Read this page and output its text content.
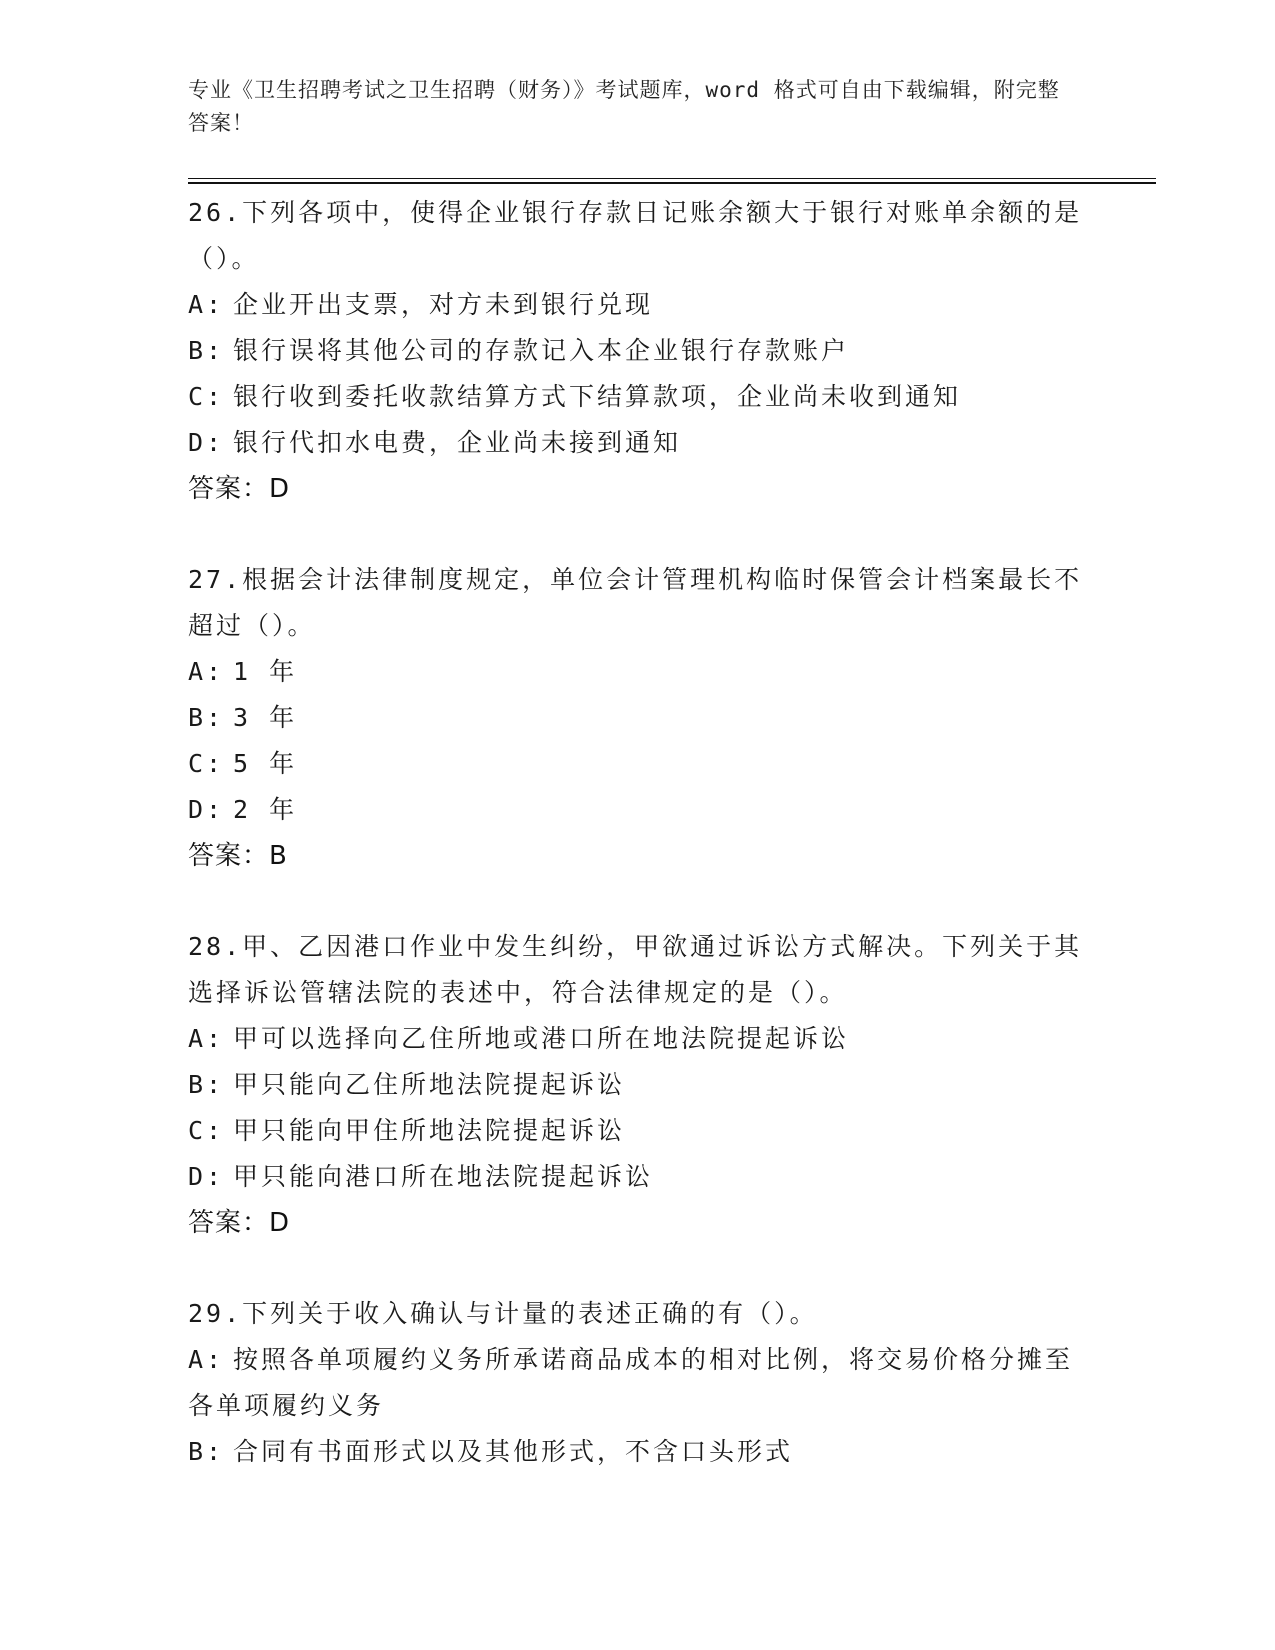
专业《卫生招聘考试之卫生招聘（财务）》考试题库，word 格式可自由下载编辑，附完整答案！
26.下列各项中，使得企业银行存款日记账余额大于银行对账单余额的是（）。
A: 企业开出支票，对方未到银行兑现
B: 银行误将其他公司的存款记入本企业银行存款账户
C: 银行收到委托收款结算方式下结算款项，企业尚未收到通知
D: 银行代扣水电费，企业尚未接到通知
答案：D
27.根据会计法律制度规定，单位会计管理机构临时保管会计档案最长不超过（）。
A: 1 年
B: 3 年
C: 5 年
D: 2 年
答案：B
28.甲、乙因港口作业中发生纠纷，甲欲通过诉讼方式解决。下列关于其选择诉讼管辖法院的表述中，符合法律规定的是（）。
A: 甲可以选择向乙住所地或港口所在地法院提起诉讼
B: 甲只能向乙住所地法院提起诉讼
C: 甲只能向甲住所地法院提起诉讼
D: 甲只能向港口所在地法院提起诉讼
答案：D
29.下列关于收入确认与计量的表述正确的有（）。
A: 按照各单项履约义务所承诺商品成本的相对比例，将交易价格分摊至各单项履约义务
B: 合同有书面形式以及其他形式，不含口头形式
